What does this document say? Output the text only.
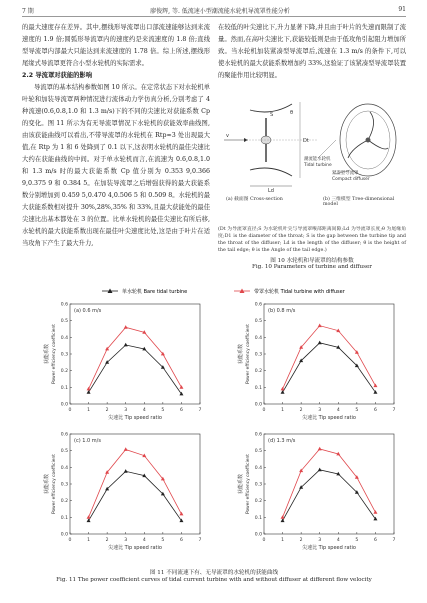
7 期	廖俊辉, 等. 低流速小型潮流能水轮机导流罩性能分析	91

的最大速度存在差异。其中,摆线形导流罩出口部流速能够达到来流速度的 1.9 倍;圆弧形导流罩内的速度约是来流速度的 1.8 倍;直线型导流罩内部最大只能达到来流速度的 1.78 倍。综上所述,摆线形尾缘式导流罩更符合小型水轮机的实际需求。

2.2 导流罩对获能的影响

导流罩的基本结构参数如图 10 所示。在定常状态下对水轮机单叶轮和加装导流罩两种情况进行流体动力学仿真分析,分别考虑了 4 种流速(0.6,0.8,1.0 和 1.3 m/s)下的不同的尖速比对获能系数 Cp 的变化。图 11 所示为有无导流罩情况下水轮机的获能效率曲线图,由该获能曲线可以看出,不带导流罩的水轮机在 Rtp≈3 处出现最大值,在 Rtp 为 1 和 6 处降到了 0.1 以下,这表明水轮机的最佳尖速比大约在获能曲线的中间。对于单水轮机而言,在流速为 0.6,0.8,1.0 和 1.3 m/s 时的最大获能系数 Cp 值分别为 0.353 9,0.366 9,0.375 9 和 0.384 5。在加装导流罩之后增强获得的最大获能系数分别增加到 0.459 5,0.470 4,0.506 5 和 0.509 8。水轮机的最大获能系数相对提升 30%,28%,35% 和 33%,且最大获能处的最佳尖速比出基本都处在 3 的位置。比单水轮机的最佳尖速比有所后移,水轮机的最大获能系数出现在最佳叶尖速度比处,这是由于叶片在适当攻角下产生了最大升力,

在较低的叶尖速比下,升力显著下降,并且由于叶片的失速而限制了流量。然而,在高叶尖速比下,获能较低则是由于低攻角引起阻力增加所致。当水轮机加装紧凑型导流罩后,流速在 1.3 m/s 的条件下,可以使水轮机的最大获能系数增加约 33%,这验证了该紧凑型导流罩装置的聚能作用比较明显。

v
Ld
Dt
S	θ
潮流能水轮机
Tidal turbine
紧凑型导流罩
Compact diffuser
(a) 截面图 Cross-section	(b) 三维模型 Tree-dimensional model
(Dt 为导流罩直径;S 为水轮机叶尖与导流罩喉部距离间隙;Ld 为导流罩长度;θ 为尾缘角度;D1 is the diameter of the throat; S is the gap between the turbine tip and the throat of the diffuser; Ld is the length of the diffuser; θ is the height of the tail edge; θ is the Angle of the tail edge.)
图 10 水轮机和导流罩的结构参数
Fig. 10 Parameters of turbine and diffuser
单水轮机 Bare tidal turbine	带罩水轮机 Tidal turbine with diffuser
0.0
0.1
0.2
0.3
0.4
0.5
0.6
0	1	2	3	4	5	6	7
尖速比 Tip speed ratio
获能系数 Power efficiency coefficient
(a) 0.6 m/s
0.0
0.1
0.2
0.3
0.4
0.5
0.6
0	1	2	3	4	5	6	7
尖速比 Tip speed ratio
获能系数 Power efficiency coefficient
(b) 0.8 m/s
0.0
0.1
0.2
0.3
0.4
0.5
0.6
0	1	2	3	4	5	6	7
尖速比 Tip speed ratio
获能系数 Power efficiency coefficient
(c) 1.0 m/s
0.0
0.1
0.2
0.3
0.4
0.5
0.6
0	1	2	3	4	5	6	7
尖速比 Tip speed ratio
获能系数 Power efficiency coefficient
(d) 1.3 m/s
图 11 不同流速下有、无导流罩的水轮机的获能曲线
Fig. 11 The power coefficient curves of tidal current turbine with and without diffuser at different flow velocity
